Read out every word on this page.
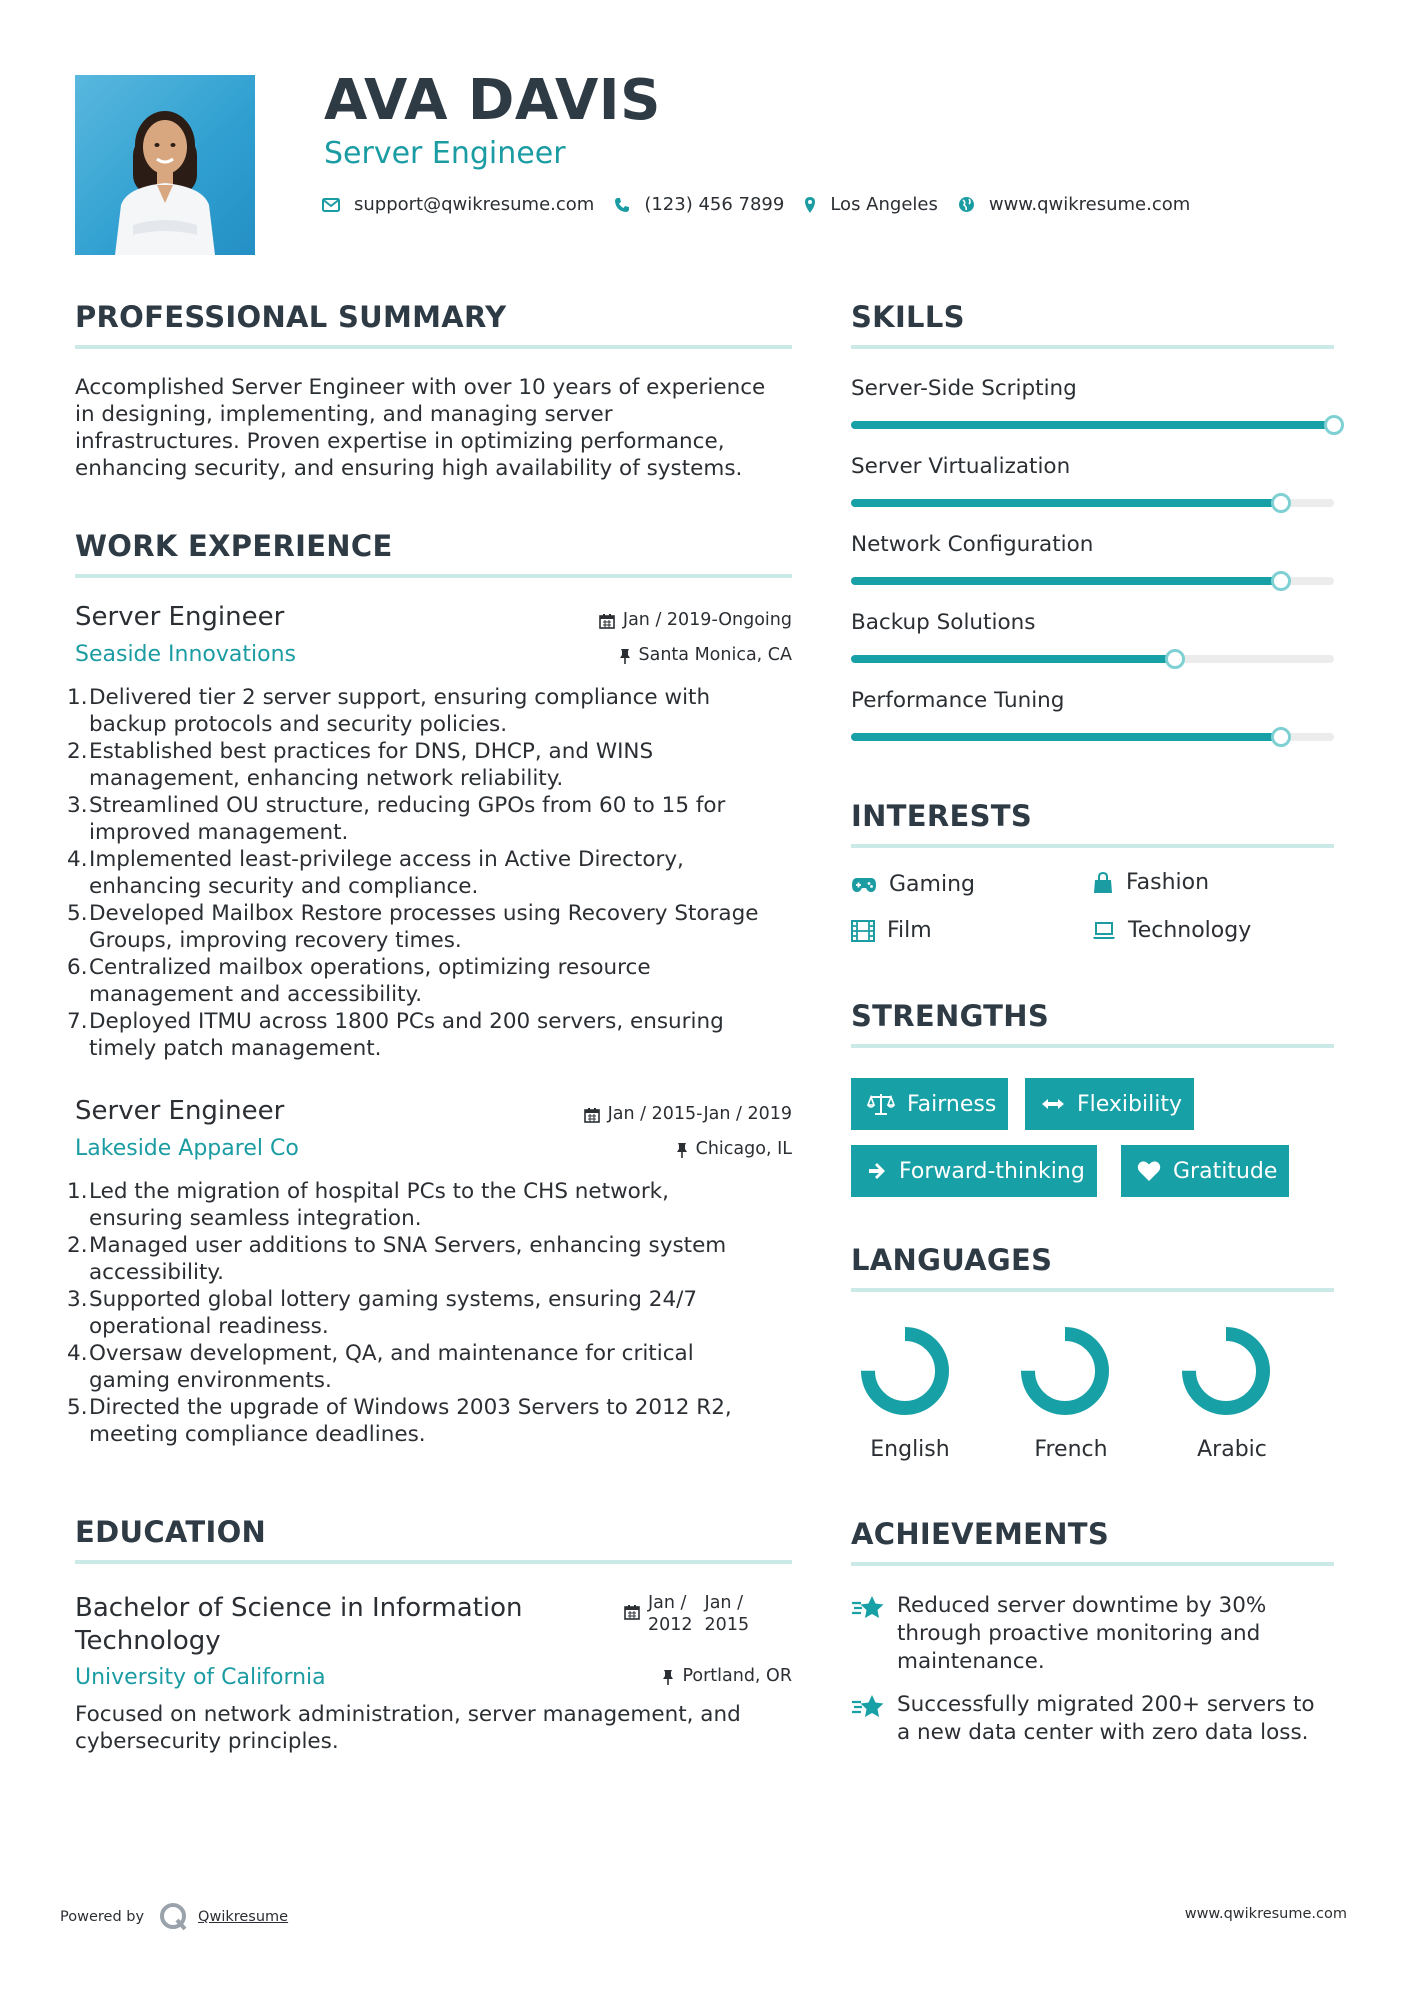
AVA DAVIS
Server Engineer
support@qwikresume.com	(123) 456 7899	Los Angeles	www.qwikresume.com
PROFESSIONAL SUMMARY
Accomplished Server Engineer with over 10 years of experience
in designing, implementing, and managing server
infrastructures. Proven expertise in optimizing performance,
enhancing security, and ensuring high availability of systems.
WORK EXPERIENCE
Server Engineer	Jan / 2019-Ongoing
Seaside Innovations	Santa Monica, CA
Delivered tier 2 server support, ensuring compliance with
backup protocols and security policies.
Established best practices for DNS, DHCP, and WINS
management, enhancing network reliability.
Streamlined OU structure, reducing GPOs from 60 to 15 for
improved management.
Implemented least-privilege access in Active Directory,
enhancing security and compliance.
Developed Mailbox Restore processes using Recovery Storage
Groups, improving recovery times.
Centralized mailbox operations, optimizing resource
management and accessibility.
Deployed ITMU across 1800 PCs and 200 servers, ensuring
timely patch management.
Server Engineer	Jan / 2015-Jan / 2019
Lakeside Apparel Co	Chicago, IL
Led the migration of hospital PCs to the CHS network,
ensuring seamless integration.
Managed user additions to SNA Servers, enhancing system
accessibility.
Supported global lottery gaming systems, ensuring 24/7
operational readiness.
Oversaw development, QA, and maintenance for critical
gaming environments.
Directed the upgrade of Windows 2003 Servers to 2012 R2,
meeting compliance deadlines.
EDUCATION
Bachelor of Science in Information
Technology
Jan /
2012
Jan /
2015
University of California	Portland, OR
Focused on network administration, server management, and
cybersecurity principles.
SKILLS
Server-Side Scripting
Server Virtualization
Network Configuration
Backup Solutions
Performance Tuning
INTERESTS
Gaming	Fashion
Film	Technology
STRENGTHS
Fairness	Flexibility
Forward-thinking	Gratitude
LANGUAGES
English	French	Arabic
ACHIEVEMENTS
Reduced server downtime by 30%
through proactive monitoring and
maintenance.
Successfully migrated 200+ servers to
a new data center with zero data loss.
Powered by	Qwikresume	www.qwikresume.com
